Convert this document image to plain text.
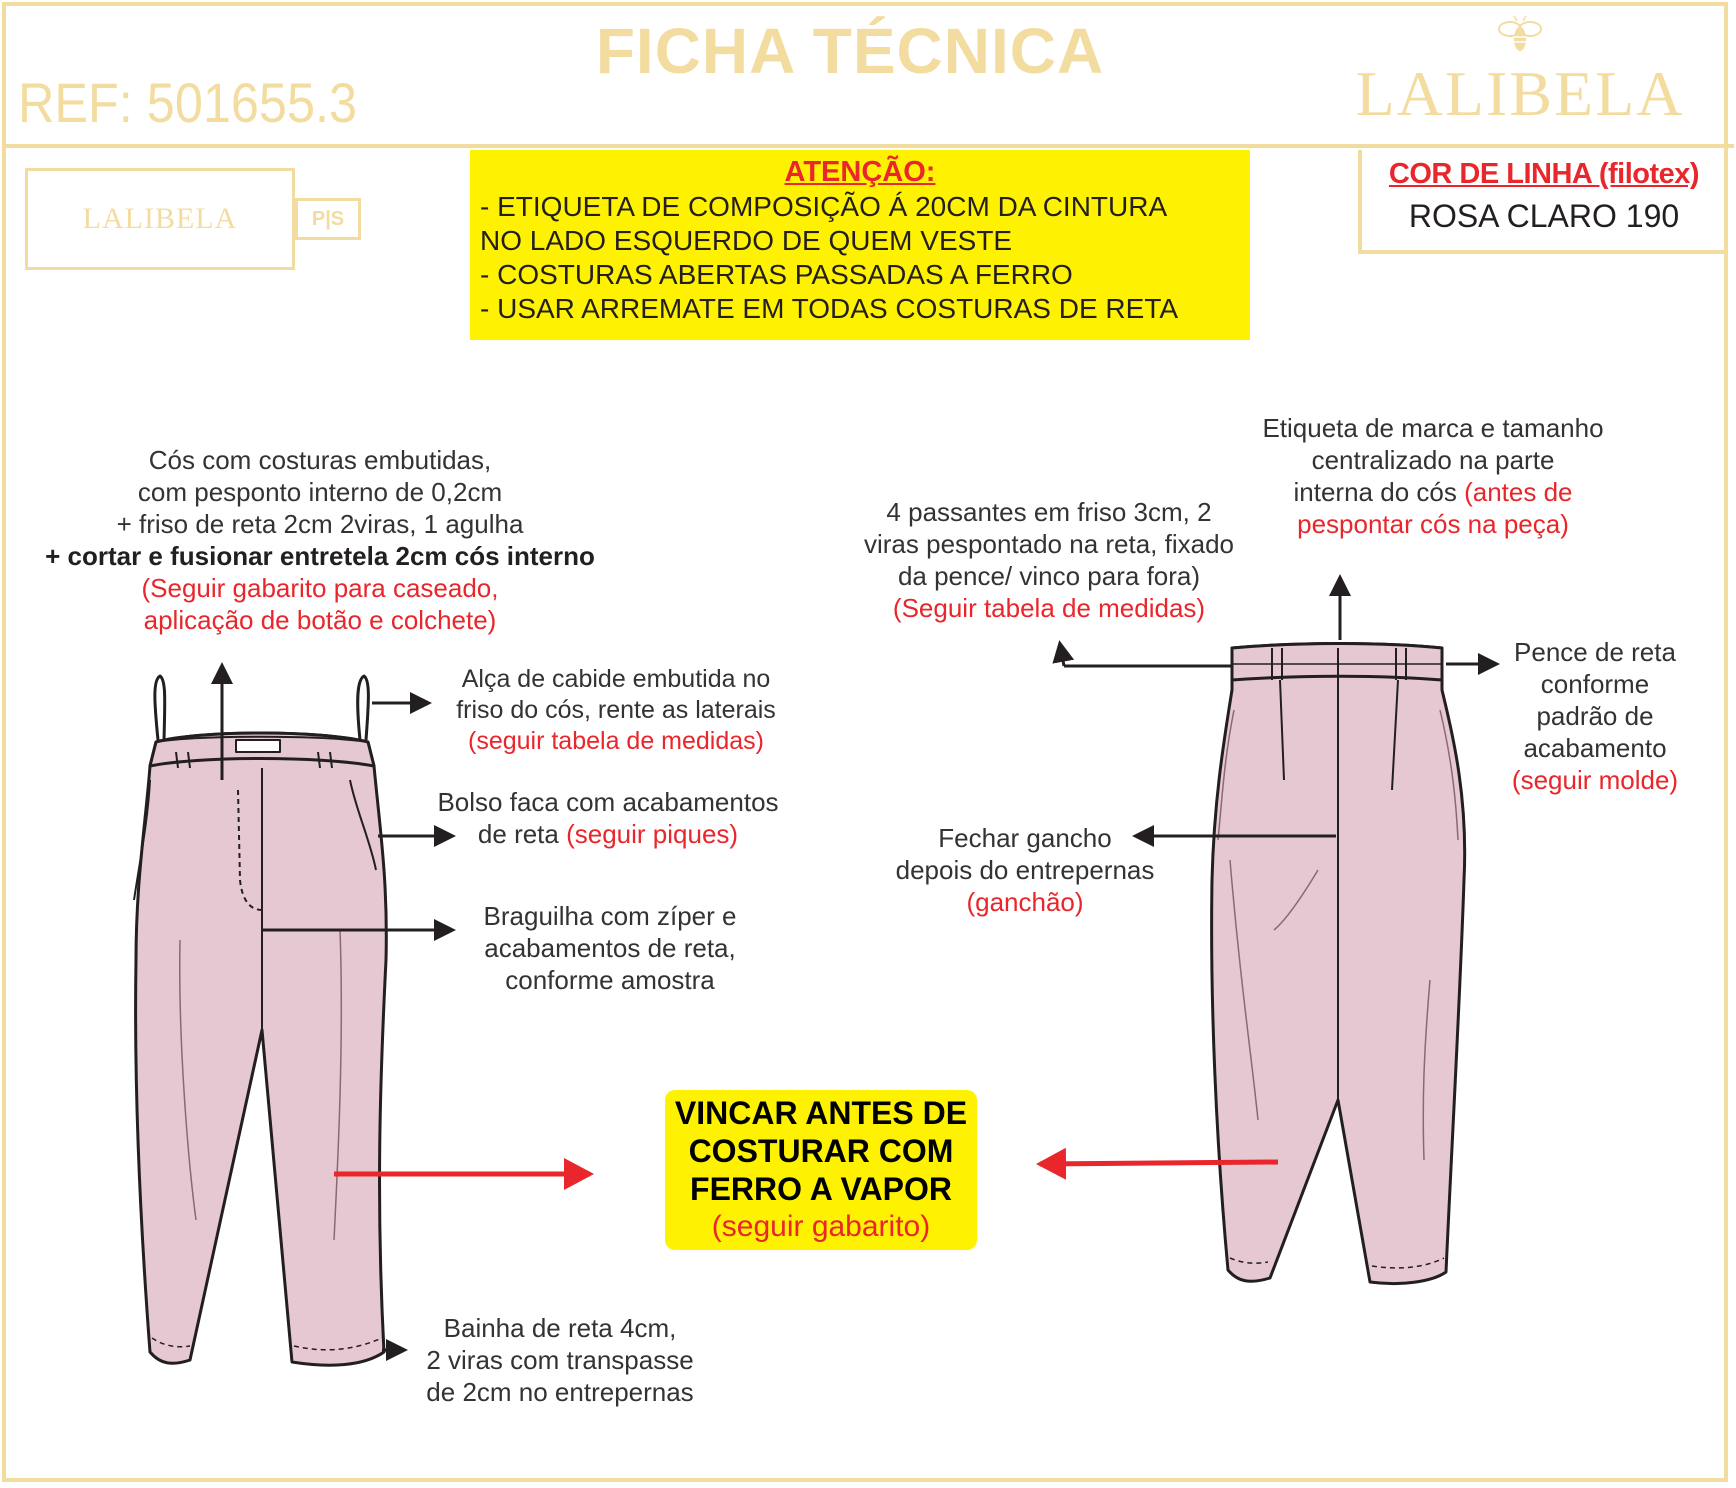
FICHA TÉCNICA
REF: 501655.3	LALIBELA
LALIBELA	P|S
ATENÇÃO:
- ETIQUETA DE COMPOSIÇÃO Á 20CM DA CINTURA
NO LADO ESQUERDO DE QUEM VESTE
- COSTURAS ABERTAS PASSADAS A FERRO
- USAR ARREMATE EM TODAS COSTURAS DE RETA
COR DE LINHA (filotex)
ROSA CLARO 190
Cós com costuras embutidas,
com pesponto interno de 0,2cm
+ friso de reta 2cm 2viras, 1 agulha
+ cortar e fusionar entretela 2cm cós interno
(Seguir gabarito para caseado,
aplicação de botão e colchete)
Alça de cabide embutida no
friso do cós, rente as laterais
(seguir tabela de medidas)
Bolso faca com acabamentos
de reta (seguir piques)
Braguilha com zíper e
acabamentos de reta,
conforme amostra
Bainha de reta 4cm,
2 viras com transpasse
de 2cm no entrepernas
4 passantes em friso 3cm, 2
viras pespontado na reta, fixado
da pence/ vinco para fora)
(Seguir tabela de medidas)
Etiqueta de marca e tamanho
centralizado na parte
interna do cós (antes de
pespontar cós na peça)
Pence de reta
conforme
padrão de
acabamento
(seguir molde)
Fechar gancho
depois do entrepernas
(ganchão)
VINCAR ANTES DE
COSTURAR COM
FERRO A VAPOR
(seguir gabarito)
